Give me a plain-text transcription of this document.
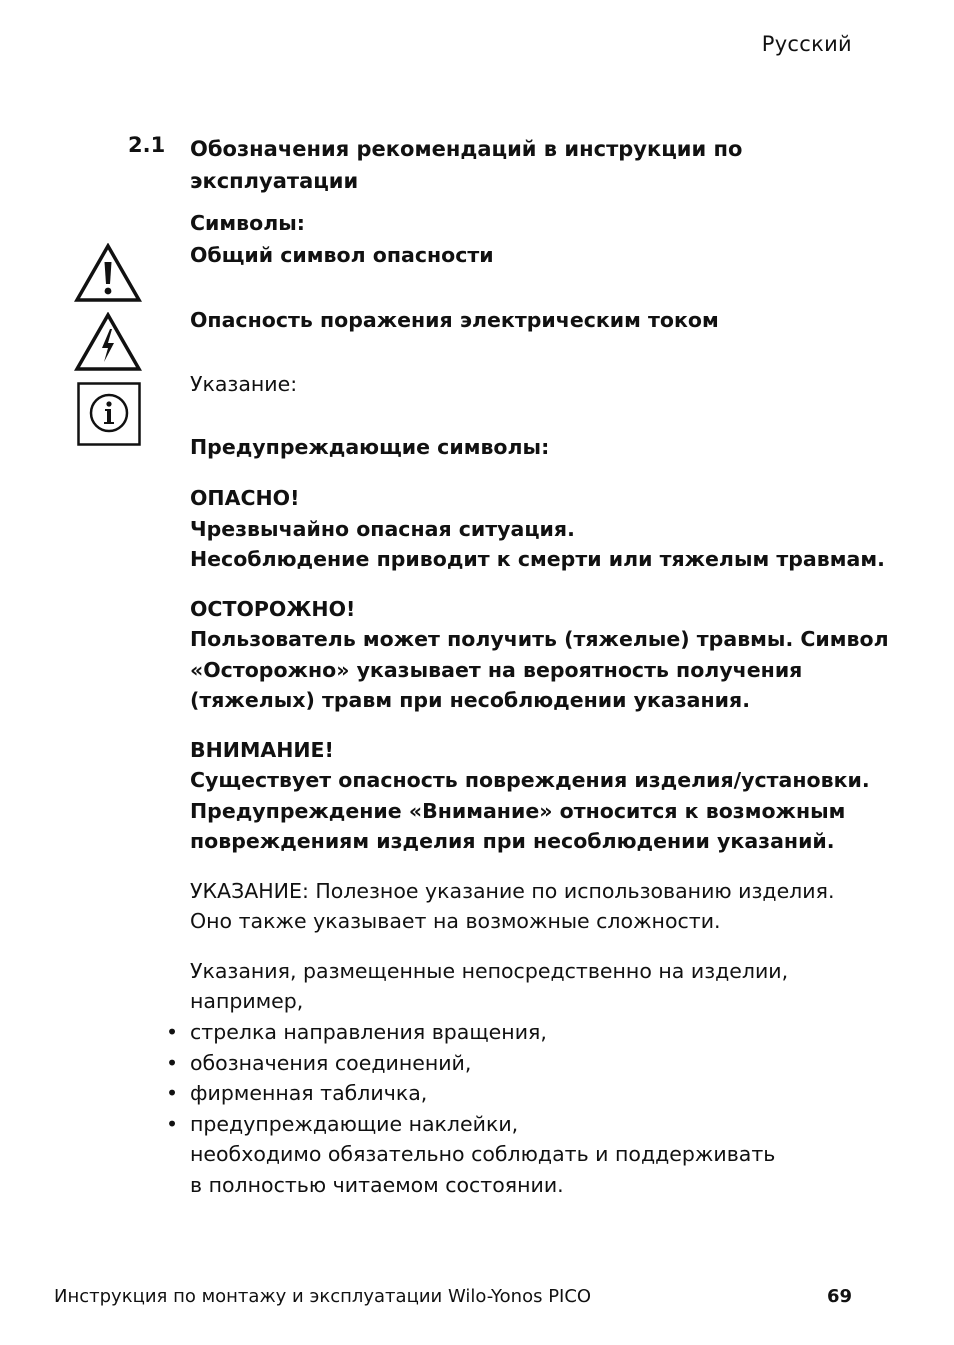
Русский
2.1 Обозначения рекомендаций в инструкции по эксплуатации
Символы:
Общий символ опасности
Опасность поражения электрическим током
Указание:
Предупреждающие символы:
ОПАСНО!
Чрезвычайно опасная ситуация.
Несоблюдение приводит к смерти или тяжелым травмам.
ОСТОРОЖНО!
Пользователь может получить (тяжелые) травмы. Символ
«Осторожно» указывает на вероятность получения
(тяжелых) травм при несоблюдении указания.
ВНИМАНИЕ!
Существует опасность повреждения изделия/установки.
Предупреждение «Внимание» относится к возможным
повреждениям изделия при несоблюдении указаний.
УКАЗАНИЕ: Полезное указание по использованию изделия.
Оно также указывает на возможные сложности.
Указания, размещенные непосредственно на изделии,
например,
• стрелка направления вращения,
• обозначения соединений,
• фирменная табличка,
• предупреждающие наклейки,
необходимо обязательно соблюдать и поддерживать
в полностью читаемом состоянии.
Инструкция по монтажу и эксплуатации Wilo-Yonos PICO	69
